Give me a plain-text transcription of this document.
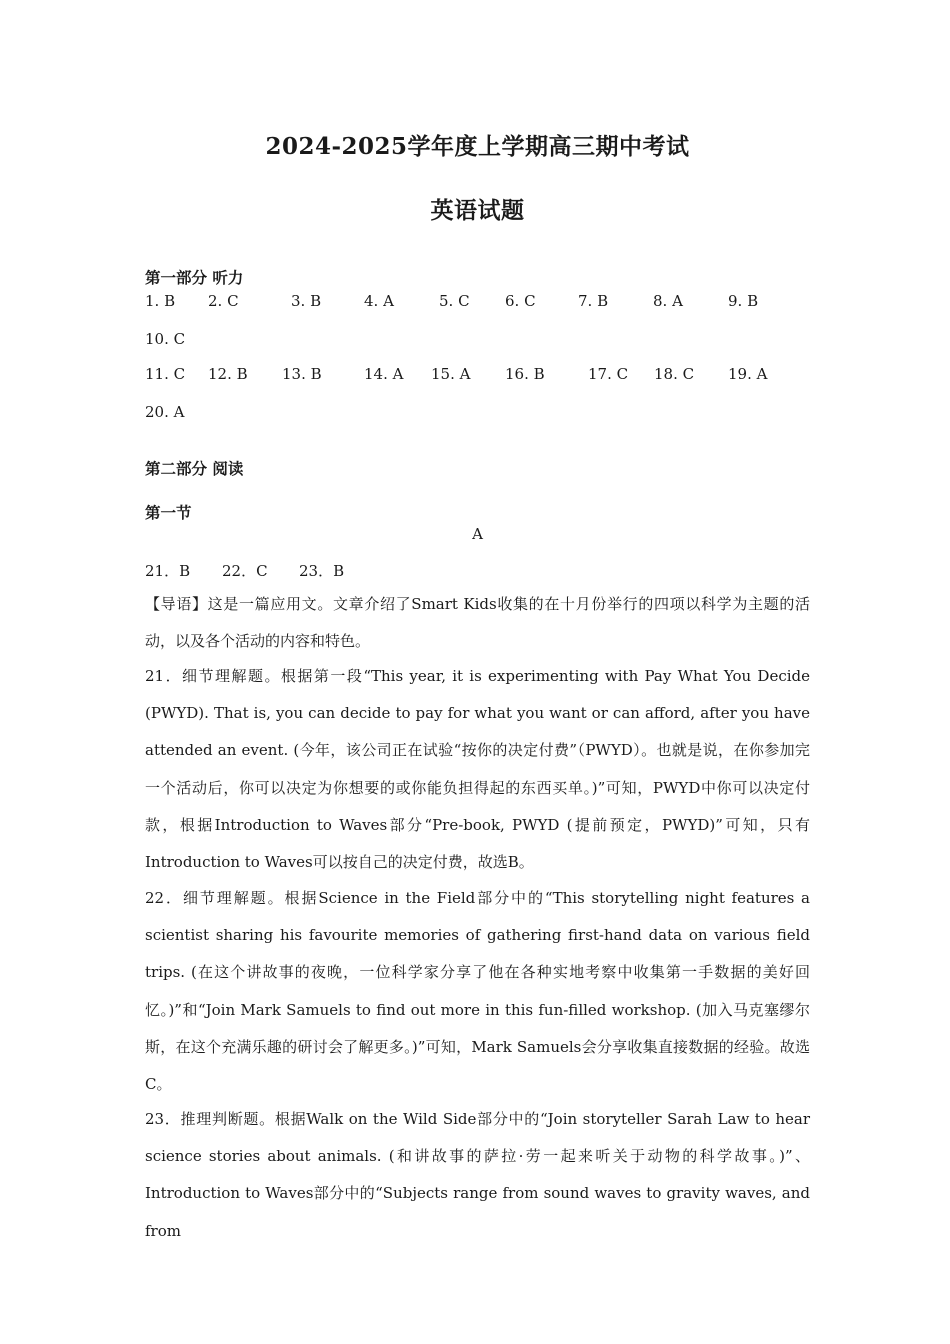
2024-2025学年度上学期高三期中考试
英语试题
第一部分 听力
1. B 2. C	3. B	4. A	5. C 6. C	7. B	8. A	9. B
10. C
11. C 12. B 13. B	14. A 15. A 16. B	17. C 18. C 19. A
20. A
第二部分 阅读
第一节
A
21．B 22．C 23．B

【导语】这是一篇应用文。文章介绍了Smart Kids收集的在十月份举行的四项以科学为主题的活动，以及各个活动的内容和特色。

21．细节理解题。根据第一段“This year, it is experimenting with Pay What You Decide (PWYD). That is, you can decide to pay for what you want or can afford, after you have attended an event. (今年，该公司正在试验“按你的决定付费”（PWYD）。也就是说，在你参加完一个活动后，你可以决定为你想要的或你能负担得起的东西买单。)”可知，PWYD中你可以决定付款，根据Introduction to Waves部分“Pre-book, PWYD (提前预定，PWYD)”可知，只有Introduction to Waves可以按自己的决定付费，故选B。

22．细节理解题。根据Science in the Field部分中的“This storytelling night features a scientist sharing his favourite memories of gathering first-hand data on various field trips. (在这个讲故事的夜晚，一位科学家分享了他在各种实地考察中收集第一手数据的美好回忆。)”和“Join Mark Samuels to find out more in this fun-filled workshop. (加入马克塞缪尔斯，在这个充满乐趣的研讨会了解更多。)”可知，Mark Samuels会分享收集直接数据的经验。故选C。

23．推理判断题。根据Walk on the Wild Side部分中的“Join storyteller Sarah Law to hear science stories about animals. (和讲故事的萨拉·劳一起来听关于动物的科学故事。)”、Introduction to Waves部分中的“Subjects range from sound waves to gravity waves, and from
